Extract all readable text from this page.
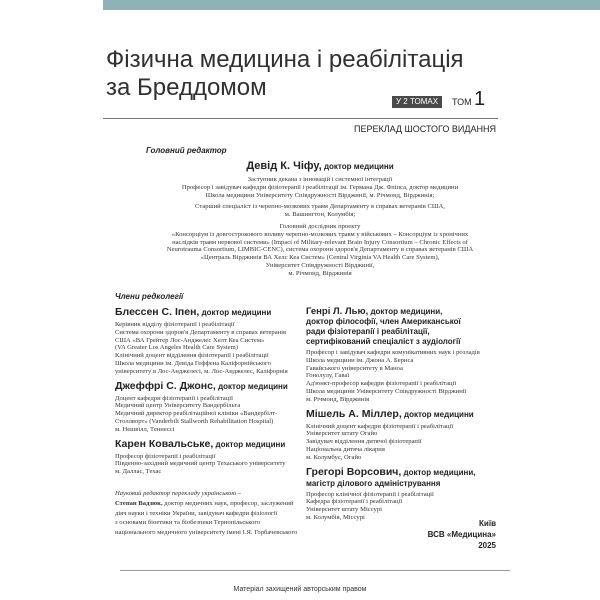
Фізична медицина і реабілітація
за Бреддомом
У 2 ТОМАХ	ТОМ 1
ПЕРЕКЛАД ШОСТОГО ВИДАННЯ
Головний редактор
Девід К. Чіфу, доктор медицини
Заступник декана з інновацій і системної інтеграції
Професор і завідувач кафедри фізіотерапії і реабілітації ім. Германа Дж. Фліпса, доктор медицини
Школа медицини Університету Співдружності Вірджинії, м. Річмонд, Вірджинія;
Старший спеціаліст із черепно-мозкових травм Департаменту в справах ветеранів США,
м. Вашингтон, Колумбія;
Головний дослідник проекту
«Консорціум із довгострокового впливу черепно-мозкових травм у військових – Консорціум із хронічних
наслідків травм нервової системи» (Impact of Military-relevant Brain Injury Consortium – Chronic Effects of
Neurotrauma Consortium, LIMBIC-CENC), система охорони здоров'я Департаменту в справах ветеранів США
«Центрaль Вірджинія ВА Хелс Кеа Систем» (Central Virginia VA Health Care System),
Університет Співдружності Вірджинії,
м. Річмонд, Вірджинія
Члени редколегії
Блессен С. Іпен, доктор медицини
Керівник відділу фізіотерапії і реабілітації
Система охорони здоров'я Департаменту в справах ветеранів
США «ВА Грейтер Лос-Анджелес Хелт Кеа Систем»
(VA Greater Los Angeles Health Care System)
Клінічний доцент відділення фізіотерапії і реабілітації
Школа медицини ім. Девіда Геффена Каліфорнійського
університету в Лос-Анджелесі, м. Лос-Анджелес, Каліфорнія
Джеффрі С. Джонс, доктор медицини
Доцент кафедри фізіотерапії і реабілітації
Медичний центр Університету Вандербільта
Медичний директор реабілітаційної клініки «Вандербілт-
Столлворт» (Vanderbilt Stallworth Rehabilitation Hospital)
м. Нешвілл, Теннессі
Карен Ковальське, доктор медицини
Професор фізіотерапії і реабілітації
Південно-західний медичний центр Техаського університету
м. Даллас, Техас
Науковий редактор перекладу українською –
Степан Вадзюк, доктор медичних наук, професор, заслужений
діяч науки і техніки України, завідувач кафедри фізіології
з основами біоетики та біобезпеки Тернопільського
національного медичного університету імені І.Я. Горбачевського
Генрі Л. Лью, доктор медицини,
доктор філософії, член Американської
ради фізіотерапії і реабілітації,
сертифікований спеціаліст з аудіології
Професор і завідувач кафедри комунікативних наук і розладів
Школа медицини ім. Джона А. Бернса
Гавайського університету в Маноа
Гонолулу, Гаваї
Ад'юнкт-професор кафедри фізіотерапії і реабілітації
Школа медицини Університету Співдружності Вірджинії
м. Річмонд, Вірджинія
Мішель А. Міллер, доктор медицини
Клінічний доцент кафедри фізіотерапії і реабілітації
Університет штату Огайо
Завідувач відділення дитячої фізіотерапії
Національна дитяча лікарня
м. Колумбус, Огайо
Грегорі Ворсович, доктор медицини,
магістр ділового адміністрування
Професор клінічної фізіотерапії і реабілітації
Кафедра фізіотерапії і реабілітації
Університет штату Міссурі
м. Колумбія, Міссурі
Київ
ВСВ «Медицина»
2025
Матеріал захищений авторським правом
